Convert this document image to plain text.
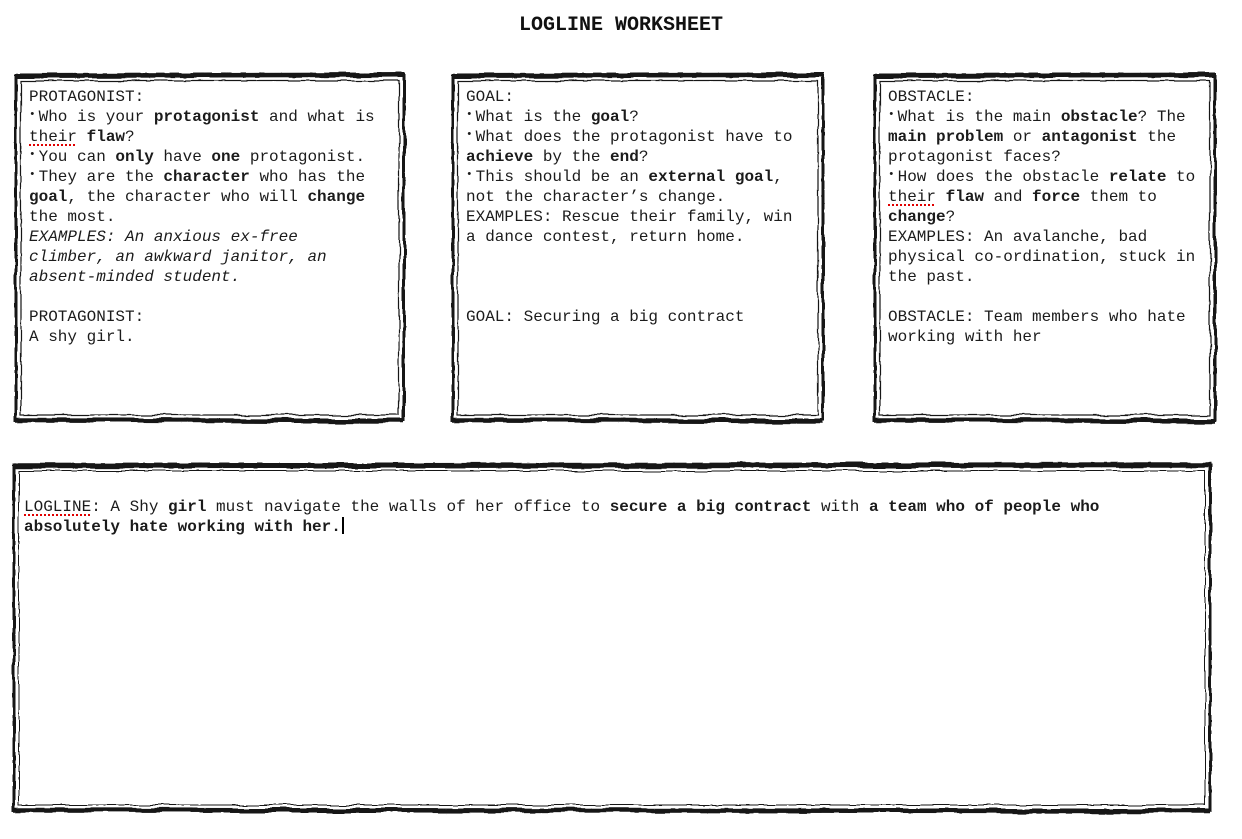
LOGLINE WORKSHEET
PROTAGONIST:
• Who is your protagonist and what is
their flaw?
• You can only have one protagonist.
• They are the character who has the
goal, the character who will change
the most.
EXAMPLES: An anxious ex-free
climber, an awkward janitor, an
absent-minded student.

PROTAGONIST:
A shy girl.
GOAL:
• What is the goal?
• What does the protagonist have to
achieve by the end?
• This should be an external goal,
not the character’s change.
EXAMPLES: Rescue their family, win
a dance contest, return home.

GOAL: Securing a big contract
OBSTACLE:
• What is the main obstacle? The
main problem or antagonist the
protagonist faces?
• How does the obstacle relate to
their flaw and force them to
change?
EXAMPLES: An avalanche, bad
physical co-ordination, stuck in
the past.

OBSTACLE: Team members who hate
working with her
LOGLINE: A Shy girl must navigate the walls of her office to secure a big contract with a team who of people who
absolutely hate working with her.
